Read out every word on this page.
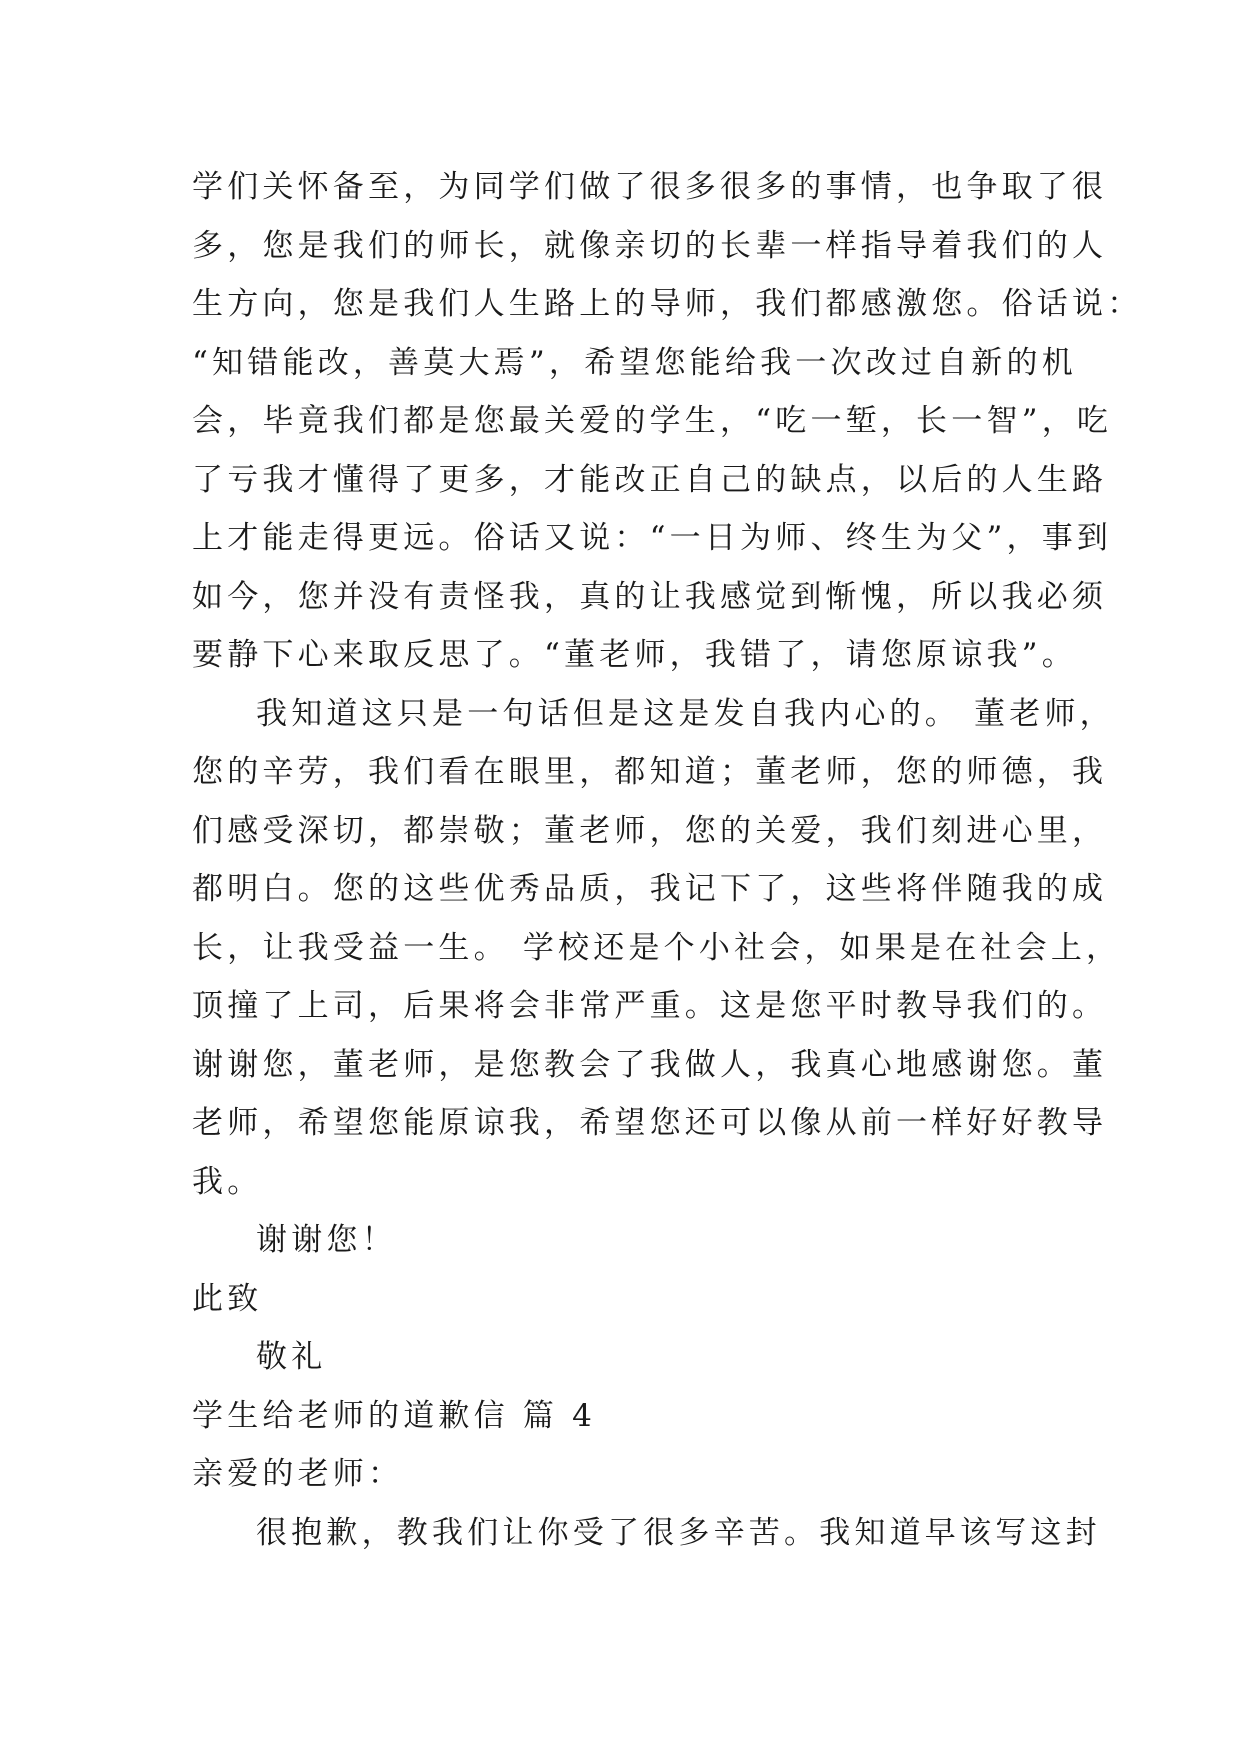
学们关怀备至，为同学们做了很多很多的事情，也争取了很
多，您是我们的师长，就像亲切的长辈一样指导着我们的人
生方向，您是我们人生路上的导师，我们都感激您。俗话说：
“知错能改，善莫大焉”，希望您能给我一次改过自新的机
会，毕竟我们都是您最关爱的学生，“吃一堑，长一智”，吃
了亏我才懂得了更多，才能改正自己的缺点，以后的人生路
上才能走得更远。俗话又说：“一日为师、终生为父”，事到
如今，您并没有责怪我，真的让我感觉到惭愧，所以我必须
要静下心来取反思了。“董老师，我错了，请您原谅我”。
我知道这只是一句话但是这是发自我内心的。 董老师，
您的辛劳，我们看在眼里，都知道；董老师，您的师德，我
们感受深切，都崇敬；董老师，您的关爱，我们刻进心里，
都明白。您的这些优秀品质，我记下了，这些将伴随我的成
长，让我受益一生。 学校还是个小社会，如果是在社会上，
顶撞了上司，后果将会非常严重。这是您平时教导我们的。
谢谢您，董老师，是您教会了我做人，我真心地感谢您。董
老师，希望您能原谅我，希望您还可以像从前一样好好教导
我。
谢谢您！
此致
敬礼
学生给老师的道歉信 篇 4
亲爱的老师：
很抱歉，教我们让你受了很多辛苦。我知道早该写这封
